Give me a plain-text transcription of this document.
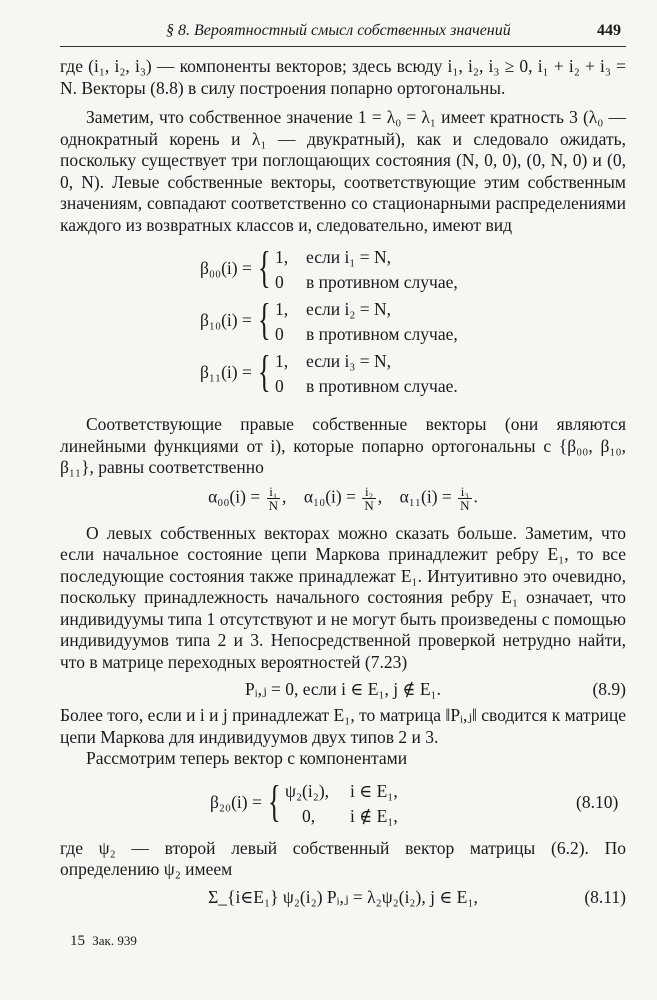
§ 8. Вероятностный смысл собственных значений	449

где (i₁, i₂, i₃) — компоненты векторов; здесь всюду i₁, i₂, i₃ ≥ 0, i₁ + i₂ + i₃ = N. Векторы (8.8) в силу построения попарно ортогональны.

Заметим, что собственное значение 1 = λ₀ = λ₁ имеет кратность 3 (λ₀ — однократный корень и λ₁ — двукратный), как и следовало ожидать, поскольку существует три поглощающих состояния (N, 0, 0), (0, N, 0) и (0, 0, N). Левые собственные векторы, соответствующие этим собственным значениям, совпадают соответственно со стационарными распределениями каждого из возвратных классов и, следовательно, имеют вид

β₀₀(i) = { 1, если i₁ = N,
0 в противном случае,
β₁₀(i) = { 1, если i₂ = N,
0 в противном случае,
β₁₁(i) = { 1, если i₃ = N,
0 в противном случае.

Соответствующие правые собственные векторы (они являются линейными функциями от i), которые попарно ортогональны с {β₀₀, β₁₀, β₁₁}, равны соответственно

$\alpha_{00}(i) = \frac{\text{i₁}}{N}$ , $\alpha_{10}(i) = \frac{\text{i₂}}{N}$ , $\alpha_{11}(i) = \frac{\text{i₃}}{N}$ .

О левых собственных векторах можно сказать больше. Заметим, что если начальное состояние цепи Маркова принадлежит ребру E₁, то все последующие состояния также принадлежат E₁. Интуитивно это очевидно, поскольку принадлежность начального состояния ребру E₁ означает, что индивидуумы типа 1 отсутствуют и не могут быть произведены с помощью индивидуумов типа 2 и 3. Непосредственной проверкой нетрудно найти, что в матрице переходных вероятностей (7.23)

Pᵢ,ⱼ = 0, если i ∈ E₁, j ∉ E₁.	(8.9)

Более того, если и i и j принадлежат E₁, то матрица ‖Pᵢ,ⱼ‖ сводится к матрице цепи Маркова для индивидуумов двух типов 2 и 3.

Рассмотрим теперь вектор с компонентами

β₂₀(i) = { ψ₂(i₂), i ∈ E₁,
0, i ∉ E₁,
(8.10)

где ψ₂ — второй левый собственный вектор матрицы (6.2). По определению ψ₂ имеем

Σ_{i∈E₁} ψ₂(i₂) Pᵢ,ⱼ = λ₂ψ₂(i₂), j ∈ E₁,	(8.11)
15 Зак. 939
